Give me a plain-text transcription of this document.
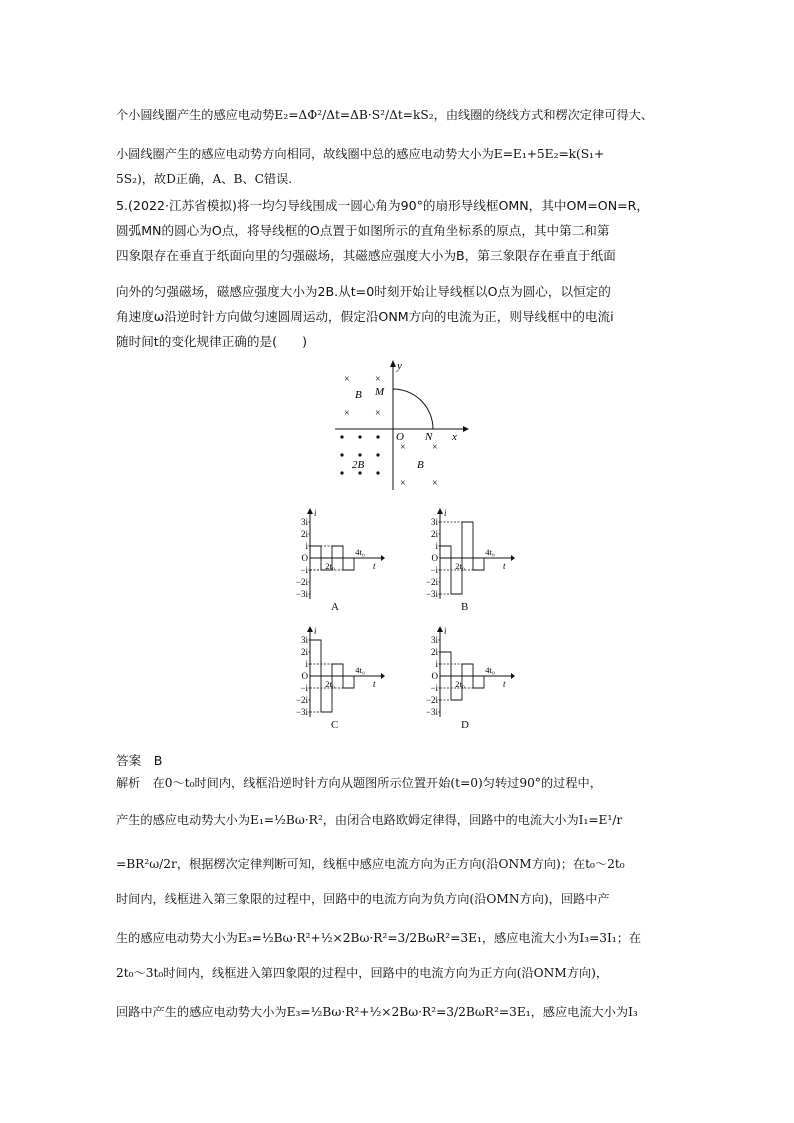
个小圆线圈产生的感应电动势E₂=ΔΦ²/Δt=ΔB·S²/Δt=kS₂，由线圈的绕线方式和楞次定律可得大、
小圆线圈产生的感应电动势方向相同，故线圈中总的感应电动势大小为E=E₁+5E₂=k(S₁+
5S₂)，故D正确，A、B、C错误.
5.(2022·江苏省模拟)将一均匀导线围成一圆心角为90°的扇形导线框OMN，其中OM=ON=R，
圆弧MN的圆心为O点，将导线框的O点置于如图所示的直角坐标系的原点，其中第二和第
四象限存在垂直于纸面向里的匀强磁场，其磁感应强度大小为B，第三象限存在垂直于纸面
向外的匀强磁场，磁感应强度大小为2B.从t=0时刻开始让导线框以O点为圆心，以恒定的
角速度ω沿逆时针方向做匀速圆周运动，假定沿ONM方向的电流为正，则导线框中的电流i
随时间t的变化规律正确的是(　　)
答案　B
解析　在0～t₀时间内，线框沿逆时针方向从题图所示位置开始(t=0)匀转过90°的过程中，
产生的感应电动势大小为E₁=½Bω·R²，由闭合电路欧姆定律得，回路中的电流大小为I₁=E¹/r
=BR²ω/2r，根据楞次定律判断可知，线框中感应电流方向为正方向(沿ONM方向)；在t₀～2t₀
时间内，线框进入第三象限的过程中，回路中的电流方向为负方向(沿OMN方向)，回路中产
生的感应电动势大小为E₃=½Bω·R²+½×2Bω·R²=3/2BωR²=3E₁，感应电流大小为I₃=3I₁；在
2t₀～3t₀时间内，线框进入第四象限的过程中，回路中的电流方向为正方向(沿ONM方向)，
回路中产生的感应电动势大小为E₃=½Bω·R²+½×2Bω·R²=3/2BωR²=3E₁，感应电流大小为I₃
y
x
O N
M
×	×
×	×
B
2B
×	×
×	×
B
i
t
3i
2i
i
O
−i
−2i
−3i
2t₀
4t₀
A
i
t
3i
2i
i
O
−i
−2i
−3i
2t₀
4t₀
B
i
t
3i
2i
i
O
−i
−2i
−3i
2t₀
4t₀
C
i
t
3i
2i
i
O
−i
−2i
−3i
2t₀
4t₀
D
